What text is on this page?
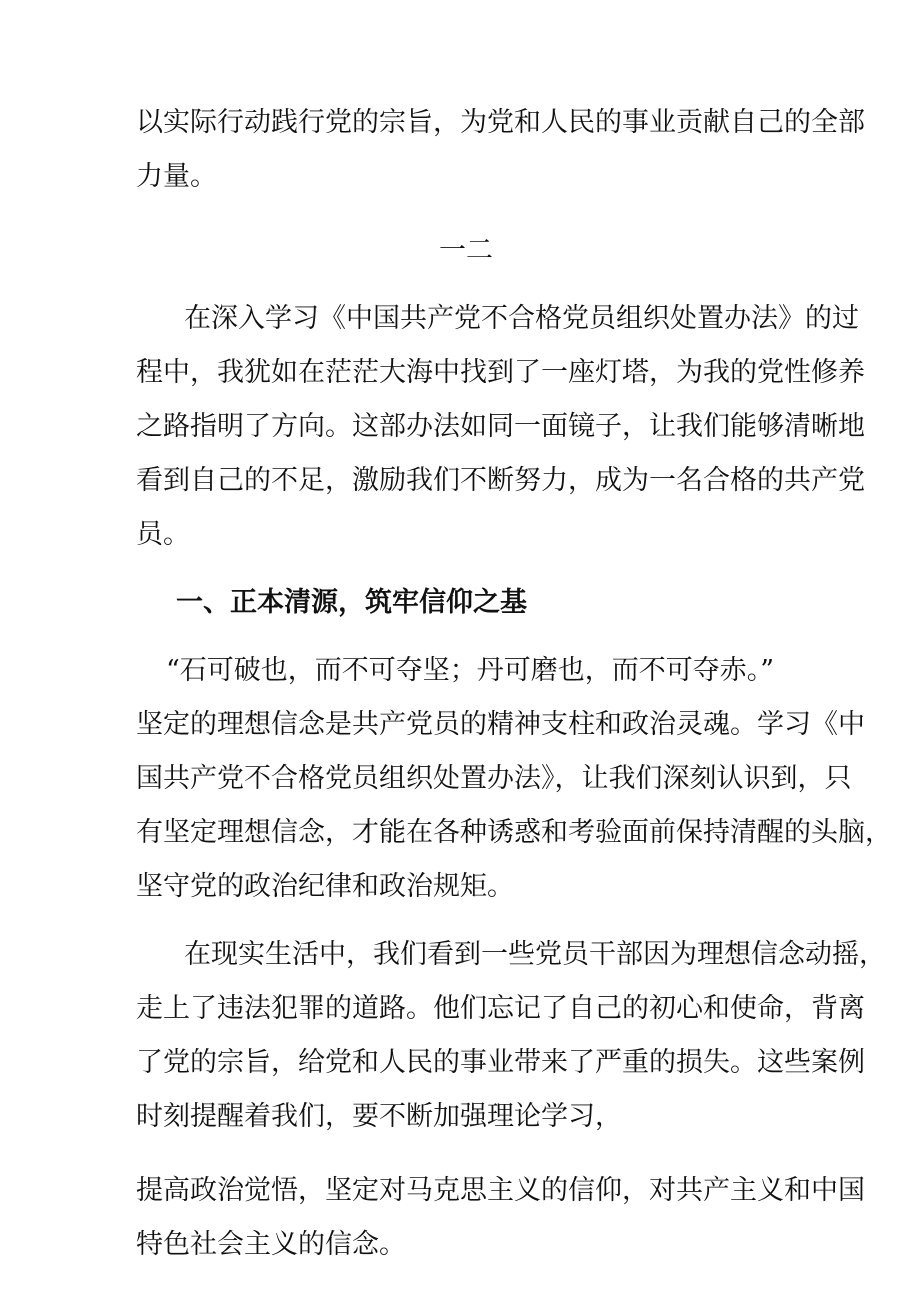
以实际行动践行党的宗旨，为党和人民的事业贡献自己的全部
力量。
一二
在深入学习《中国共产党不合格党员组织处置办法》的过
程中，我犹如在茫茫大海中找到了一座灯塔，为我的党性修养
之路指明了方向。这部办法如同一面镜子，让我们能够清晰地
看到自己的不足，激励我们不断努力，成为一名合格的共产党
员。
一、正本清源，筑牢信仰之基
“石可破也，而不可夺坚；丹可磨也，而不可夺赤。”
坚定的理想信念是共产党员的精神支柱和政治灵魂。学习《中
国共产党不合格党员组织处置办法》，让我们深刻认识到，只
有坚定理想信念，才能在各种诱惑和考验面前保持清醒的头脑，
坚守党的政治纪律和政治规矩。
在现实生活中，我们看到一些党员干部因为理想信念动摇，
走上了违法犯罪的道路。他们忘记了自己的初心和使命，背离
了党的宗旨，给党和人民的事业带来了严重的损失。这些案例
时刻提醒着我们，要不断加强理论学习，
提高政治觉悟，坚定对马克思主义的信仰，对共产主义和中国
特色社会主义的信念。
